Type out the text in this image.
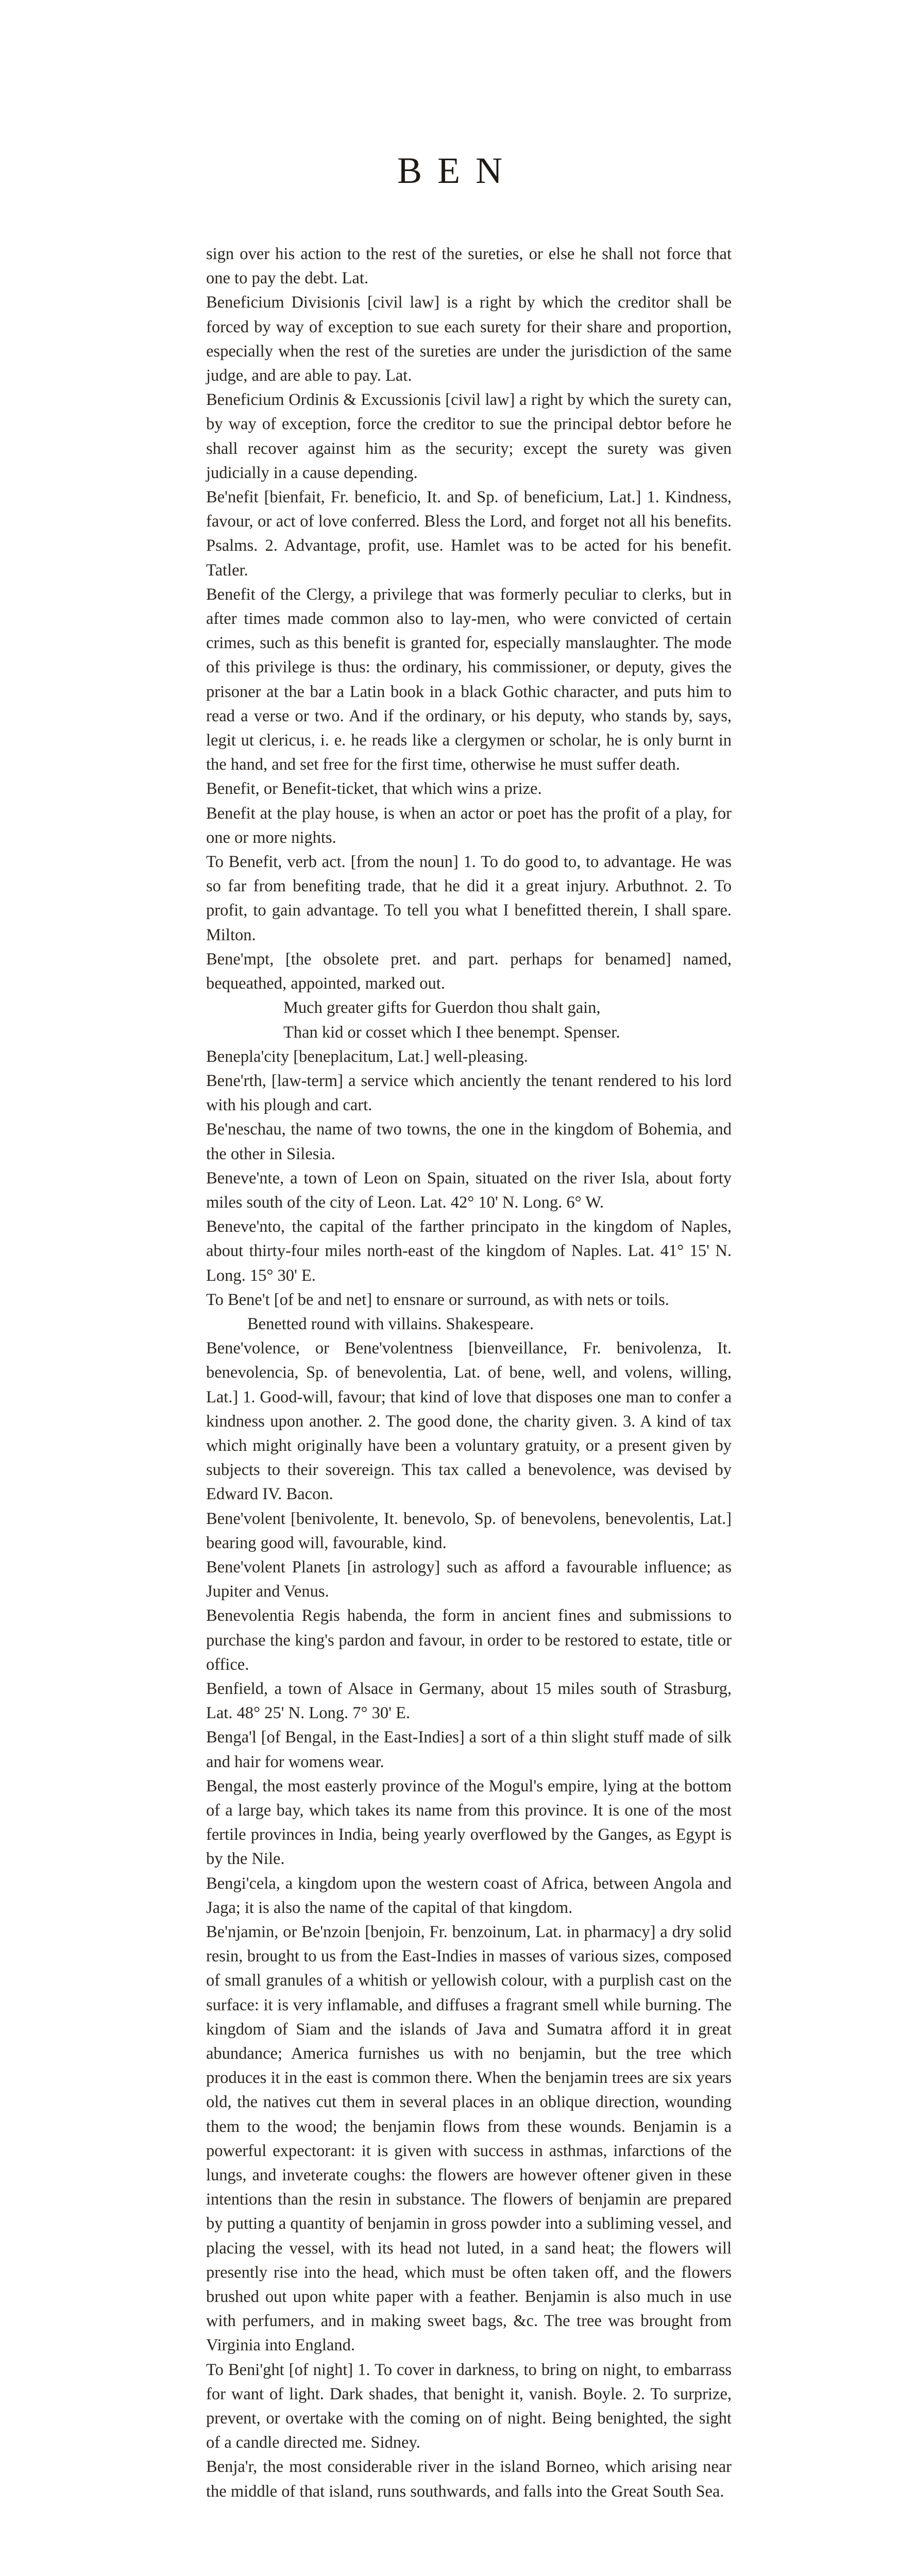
BEN

sign over his action to the rest of the sureties, or else he shall not force that one to pay the debt. Lat.

Beneficium Divisionis [civil law] is a right by which the creditor shall be forced by way of exception to sue each surety for their share and proportion, especially when the rest of the sureties are under the jurisdiction of the same judge, and are able to pay. Lat.

Beneficium Ordinis & Excussionis [civil law] a right by which the surety can, by way of exception, force the creditor to sue the principal debtor before he shall recover against him as the security; except the surety was given judicially in a cause depending.

Be'nefit [bienfait, Fr. beneficio, It. and Sp. of beneficium, Lat.] 1. Kindness, favour, or act of love conferred. Bless the Lord, and forget not all his benefits. Psalms. 2. Advantage, profit, use. Hamlet was to be acted for his benefit. Tatler.

Benefit of the Clergy, a privilege that was formerly peculiar to clerks, but in after times made common also to lay-men, who were convicted of certain crimes, such as this benefit is granted for, especially manslaughter. The mode of this privilege is thus: the ordinary, his commissioner, or deputy, gives the prisoner at the bar a Latin book in a black Gothic character, and puts him to read a verse or two. And if the ordinary, or his deputy, who stands by, says, legit ut clericus, i. e. he reads like a clergymen or scholar, he is only burnt in the hand, and set free for the first time, otherwise he must suffer death.

Benefit, or Benefit-ticket, that which wins a prize.

Benefit at the play house, is when an actor or poet has the profit of a play, for one or more nights.

To Benefit, verb act. [from the noun] 1. To do good to, to advantage. He was so far from benefiting trade, that he did it a great injury. Arbuthnot. 2. To profit, to gain advantage. To tell you what I benefitted therein, I shall spare. Milton.

Bene'mpt, [the obsolete pret. and part. perhaps for benamed] named, bequeathed, appointed, marked out.

Much greater gifts for Guerdon thou shalt gain,

Than kid or cosset which I thee benempt. Spenser.

Benepla'city [beneplacitum, Lat.] well-pleasing.

Bene'rth, [law-term] a service which anciently the tenant rendered to his lord with his plough and cart.

Be'neschau, the name of two towns, the one in the kingdom of Bohemia, and the other in Silesia.

Beneve'nte, a town of Leon on Spain, situated on the river Isla, about forty miles south of the city of Leon. Lat. 42° 10' N. Long. 6° W.

Beneve'nto, the capital of the farther principato in the kingdom of Naples, about thirty-four miles north-east of the kingdom of Naples. Lat. 41° 15' N. Long. 15° 30' E.

To Bene't [of be and net] to ensnare or surround, as with nets or toils.

Benetted round with villains. Shakespeare.

Bene'volence, or Bene'volentness [bienveillance, Fr. benivolenza, It. benevolencia, Sp. of benevolentia, Lat. of bene, well, and volens, willing, Lat.] 1. Good-will, favour; that kind of love that disposes one man to confer a kindness upon another. 2. The good done, the charity given. 3. A kind of tax which might originally have been a voluntary gratuity, or a present given by subjects to their sovereign. This tax called a benevolence, was devised by Edward IV. Bacon.

Bene'volent [benivolente, It. benevolo, Sp. of benevolens, benevolentis, Lat.] bearing good will, favourable, kind.

Bene'volent Planets [in astrology] such as afford a favourable influence; as Jupiter and Venus.

Benevolentia Regis habenda, the form in ancient fines and submissions to purchase the king's pardon and favour, in order to be restored to estate, title or office.

Benfield, a town of Alsace in Germany, about 15 miles south of Strasburg, Lat. 48° 25' N. Long. 7° 30' E.

Benga'l [of Bengal, in the East-Indies] a sort of a thin slight stuff made of silk and hair for womens wear.

Bengal, the most easterly province of the Mogul's empire, lying at the bottom of a large bay, which takes its name from this province. It is one of the most fertile provinces in India, being yearly overflowed by the Ganges, as Egypt is by the Nile.

Bengi'cela, a kingdom upon the western coast of Africa, between Angola and Jaga; it is also the name of the capital of that kingdom.

Be'njamin, or Be'nzoin [benjoin, Fr. benzoinum, Lat. in pharmacy] a dry solid resin, brought to us from the East-Indies in masses of various sizes, composed of small granules of a whitish or yellowish colour, with a purplish cast on the surface: it is very inflamable, and diffuses a fragrant smell while burning. The kingdom of Siam and the islands of Java and Sumatra afford it in great abundance; America furnishes us with no benjamin, but the tree which produces it in the east is common there. When the benjamin trees are six years old, the natives cut them in several places in an oblique direction, wounding them to the wood; the benjamin flows from these wounds. Benjamin is a powerful expectorant: it is given with success in asthmas, infarctions of the lungs, and inveterate coughs: the flowers are however oftener given in these intentions than the resin in substance. The flowers of benjamin are prepared by putting a quantity of benjamin in gross powder into a subliming vessel, and placing the vessel, with its head not luted, in a sand heat; the flowers will presently rise into the head, which must be often taken off, and the flowers brushed out upon white paper with a feather. Benjamin is also much in use with perfumers, and in making sweet bags, &c. The tree was brought from Virginia into England.

To Beni'ght [of night] 1. To cover in darkness, to bring on night, to embarrass for want of light. Dark shades, that benight it, vanish. Boyle. 2. To surprize, prevent, or overtake with the coming on of night. Being benighted, the sight of a candle directed me. Sidney.

Benja'r, the most considerable river in the island Borneo, which arising near the middle of that island, runs southwards, and falls into the Great South Sea.
